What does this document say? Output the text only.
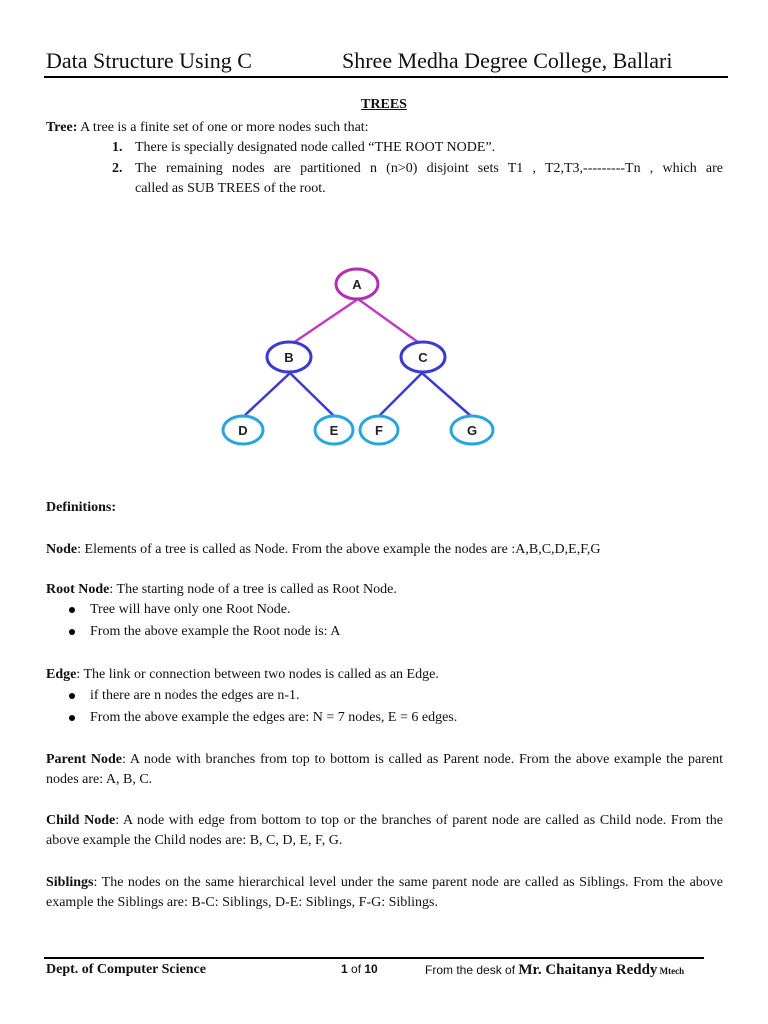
Data Structure Using C	Shree Medha Degree College, Ballari
TREES
Tree: A tree is a finite set of one or more nodes such that:
1. There is specially designated node called “THE ROOT NODE”.
2. The remaining nodes are partitioned n (n>0) disjoint sets T1 , T2,T3,---------Tn , which are
called as SUB TREES of the root.
A
B	C
D	E	F	G
Definitions:
Node: Elements of a tree is called as Node. From the above example the nodes are :A,B,C,D,E,F,G
Root Node: The starting node of a tree is called as Root Node.
Tree will have only one Root Node.
From the above example the Root node is: A
Edge: The link or connection between two nodes is called as an Edge.
if there are n nodes the edges are n-1.
From the above example the edges are: N = 7 nodes, E = 6 edges.
Parent Node: A node with branches from top to bottom is called as Parent node. From the above example the parent nodes are: A, B, C.
Child Node: A node with edge from bottom to top or the branches of parent node are called as Child node. From the above example the Child nodes are: B, C, D, E, F, G.
Siblings: The nodes on the same hierarchical level under the same parent node are called as Siblings. From the above example the Siblings are: B-C: Siblings, D-E: Siblings, F-G: Siblings.
Dept. of Computer Science	1 of 10	From the desk of Mr. Chaitanya Reddy Mtech
